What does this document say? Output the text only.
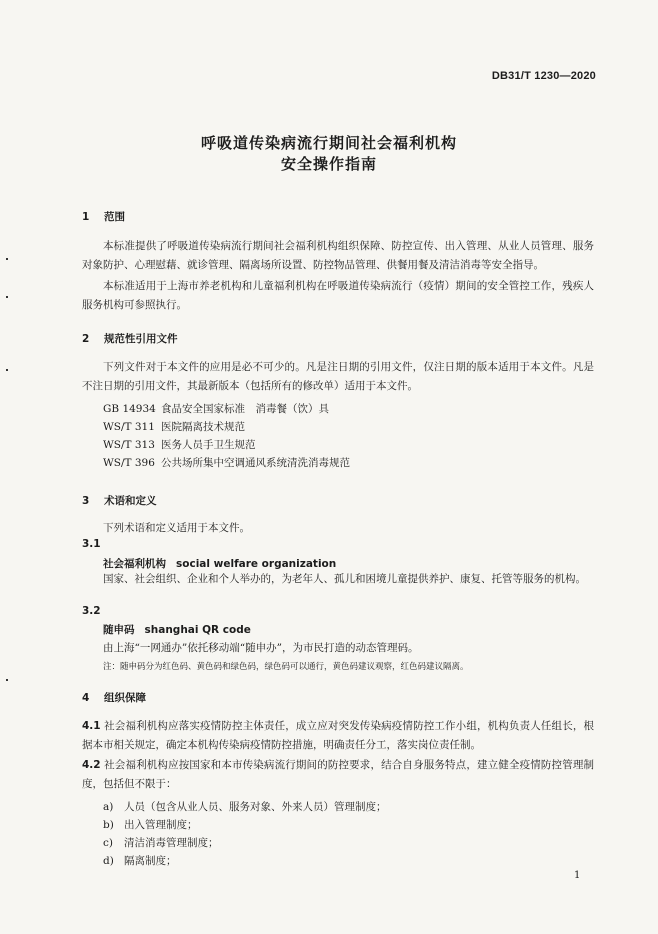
DB31/T 1230—2020
呼吸道传染病流行期间社会福利机构
安全操作指南
1 范围
本标准提供了呼吸道传染病流行期间社会福利机构组织保障、防控宣传、出入管理、从业人员管理、服务对象防护、心理慰藉、就诊管理、隔离场所设置、防控物品管理、供餐用餐及清洁消毒等安全指导。
本标准适用于上海市养老机构和儿童福利机构在呼吸道传染病流行（疫情）期间的安全管控工作，残疾人服务机构可参照执行。
2 规范性引用文件
下列文件对于本文件的应用是必不可少的。凡是注日期的引用文件，仅注日期的版本适用于本文件。凡是不注日期的引用文件，其最新版本（包括所有的修改单）适用于本文件。
GB 14934 食品安全国家标准　消毒餐（饮）具
WS/T 311 医院隔离技术规范
WS/T 313 医务人员手卫生规范
WS/T 396 公共场所集中空调通风系统清洗消毒规范
3 术语和定义
下列术语和定义适用于本文件。
3.1
社会福利机构 social welfare organization
国家、社会组织、企业和个人举办的，为老年人、孤儿和困境儿童提供养护、康复、托管等服务的机构。
3.2
随申码 shanghai QR code
由上海“一网通办”依托移动端“随申办”，为市民打造的动态管理码。
注：随申码分为红色码、黄色码和绿色码，绿色码可以通行，黄色码建议观察，红色码建议隔离。
4 组织保障
4.1 社会福利机构应落实疫情防控主体责任，成立应对突发传染病疫情防控工作小组，机构负责人任组长，根据本市相关规定，确定本机构传染病疫情防控措施，明确责任分工，落实岗位责任制。
4.2 社会福利机构应按国家和本市传染病流行期间的防控要求，结合自身服务特点，建立健全疫情防控管理制度，包括但不限于：
a) 人员（包含从业人员、服务对象、外来人员）管理制度；
b) 出入管理制度；
c) 清洁消毒管理制度；
d) 隔离制度；
1
